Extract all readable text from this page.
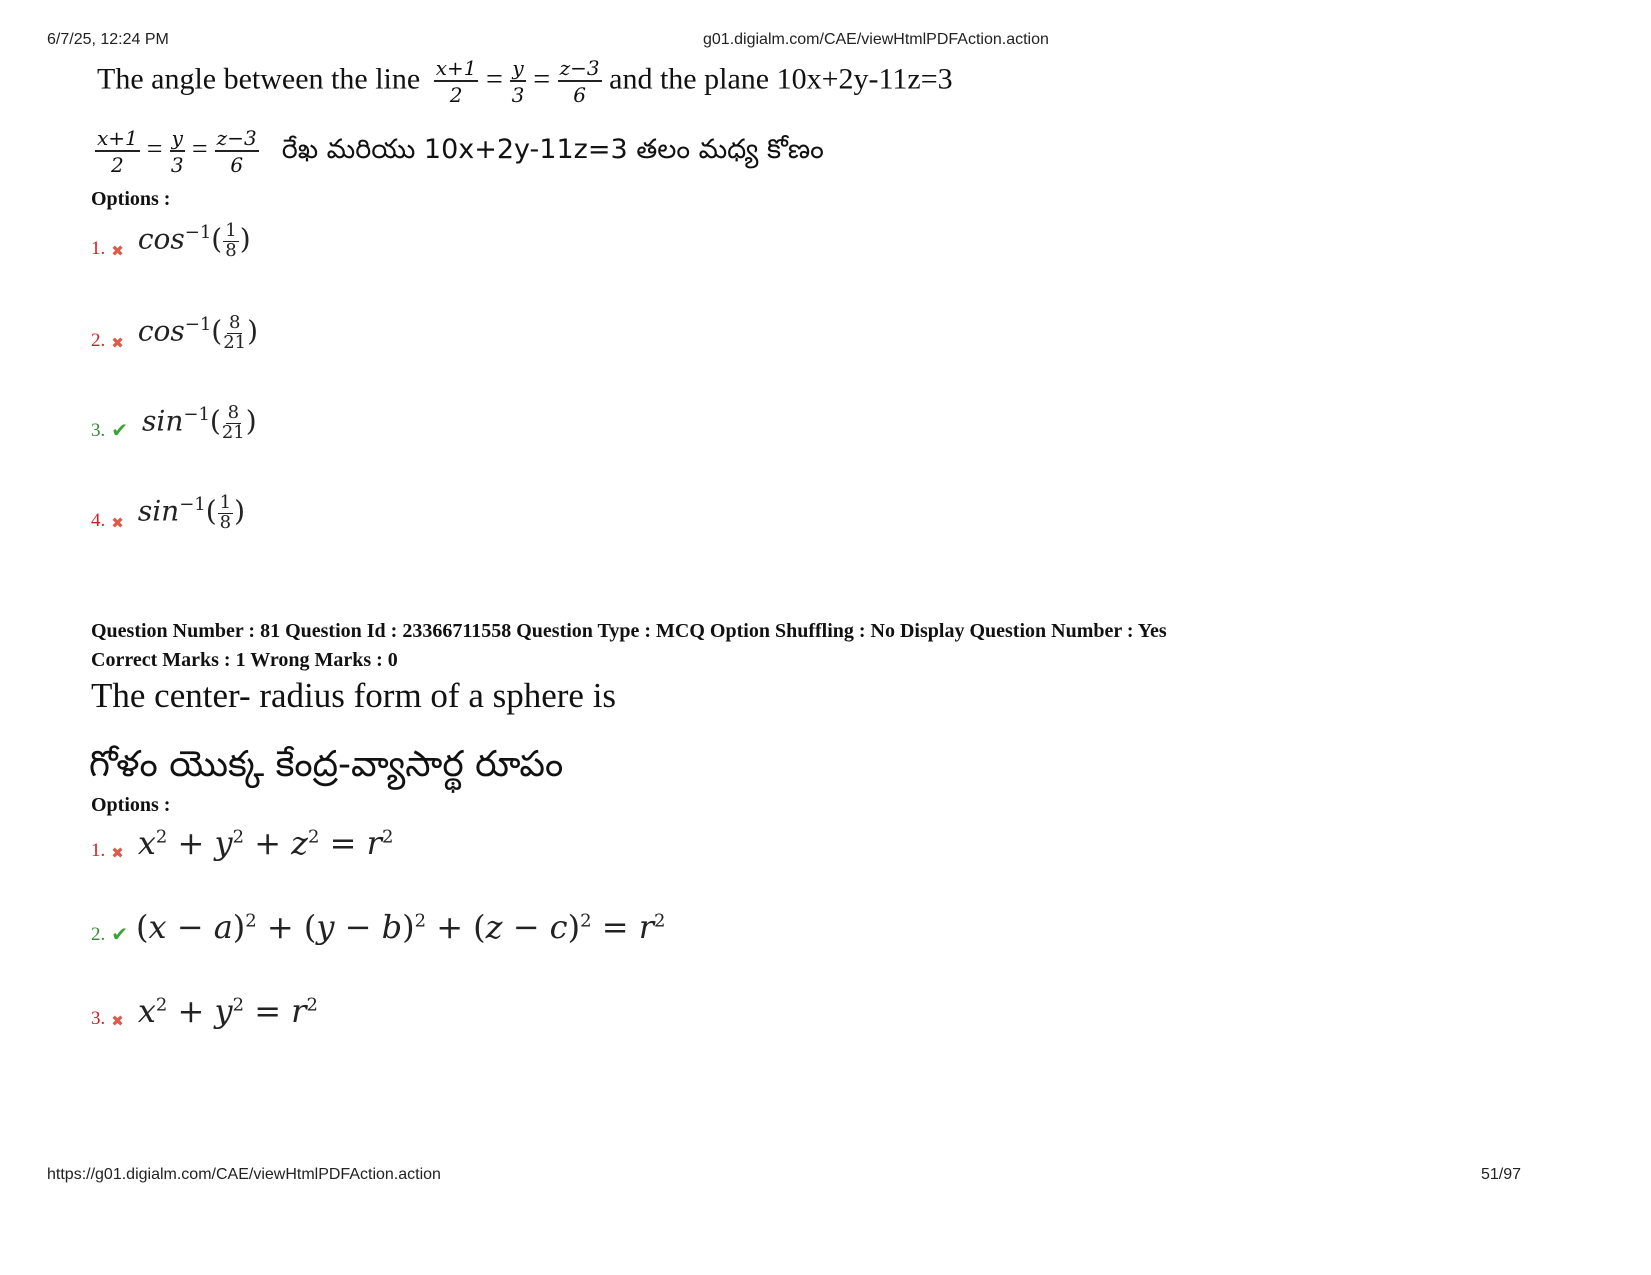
6/7/25, 12:24 PM	g01.digialm.com/CAE/viewHtmlPDFAction.action
The angle between the line $\frac{x+1}{2} = \frac{y}{3} = \frac{z-3}{6}$ and the plane 10x+2y-11z=3
$\frac{x+1}{2} = \frac{y}{3} = \frac{z-3}{6}$ రేఖ మరియు 10x+2y-11z=3 తలం మధ్య కోణం
Options :
1. ✖ $\cos^{-1}( \frac{1}{8}$ )
2. ✖ $\cos^{-1}( \frac{8}{21}$ )
3. ✔ $\sin^{-1}( \frac{8}{21}$ )
4. ✖ $\sin^{-1}( \frac{1}{8}$ )
Question Number : 81 Question Id : 23366711558 Question Type : MCQ Option Shuffling : No Display Question Number : Yes
Correct Marks : 1 Wrong Marks : 0
The center- radius form of a sphere is
గోళం యొక్క కేంద్ర-వ్యాసార్థ రూపం
Options :
1. ✖ $x^2 + y^2 + z^2 = r^2$
2. ✔ $(x - a)^2 + (y - b)^2 + (z - c)^2 = r^2$
3. ✖ $x^2 + y^2 = r^2$
https://g01.digialm.com/CAE/viewHtmlPDFAction.action	51/97
